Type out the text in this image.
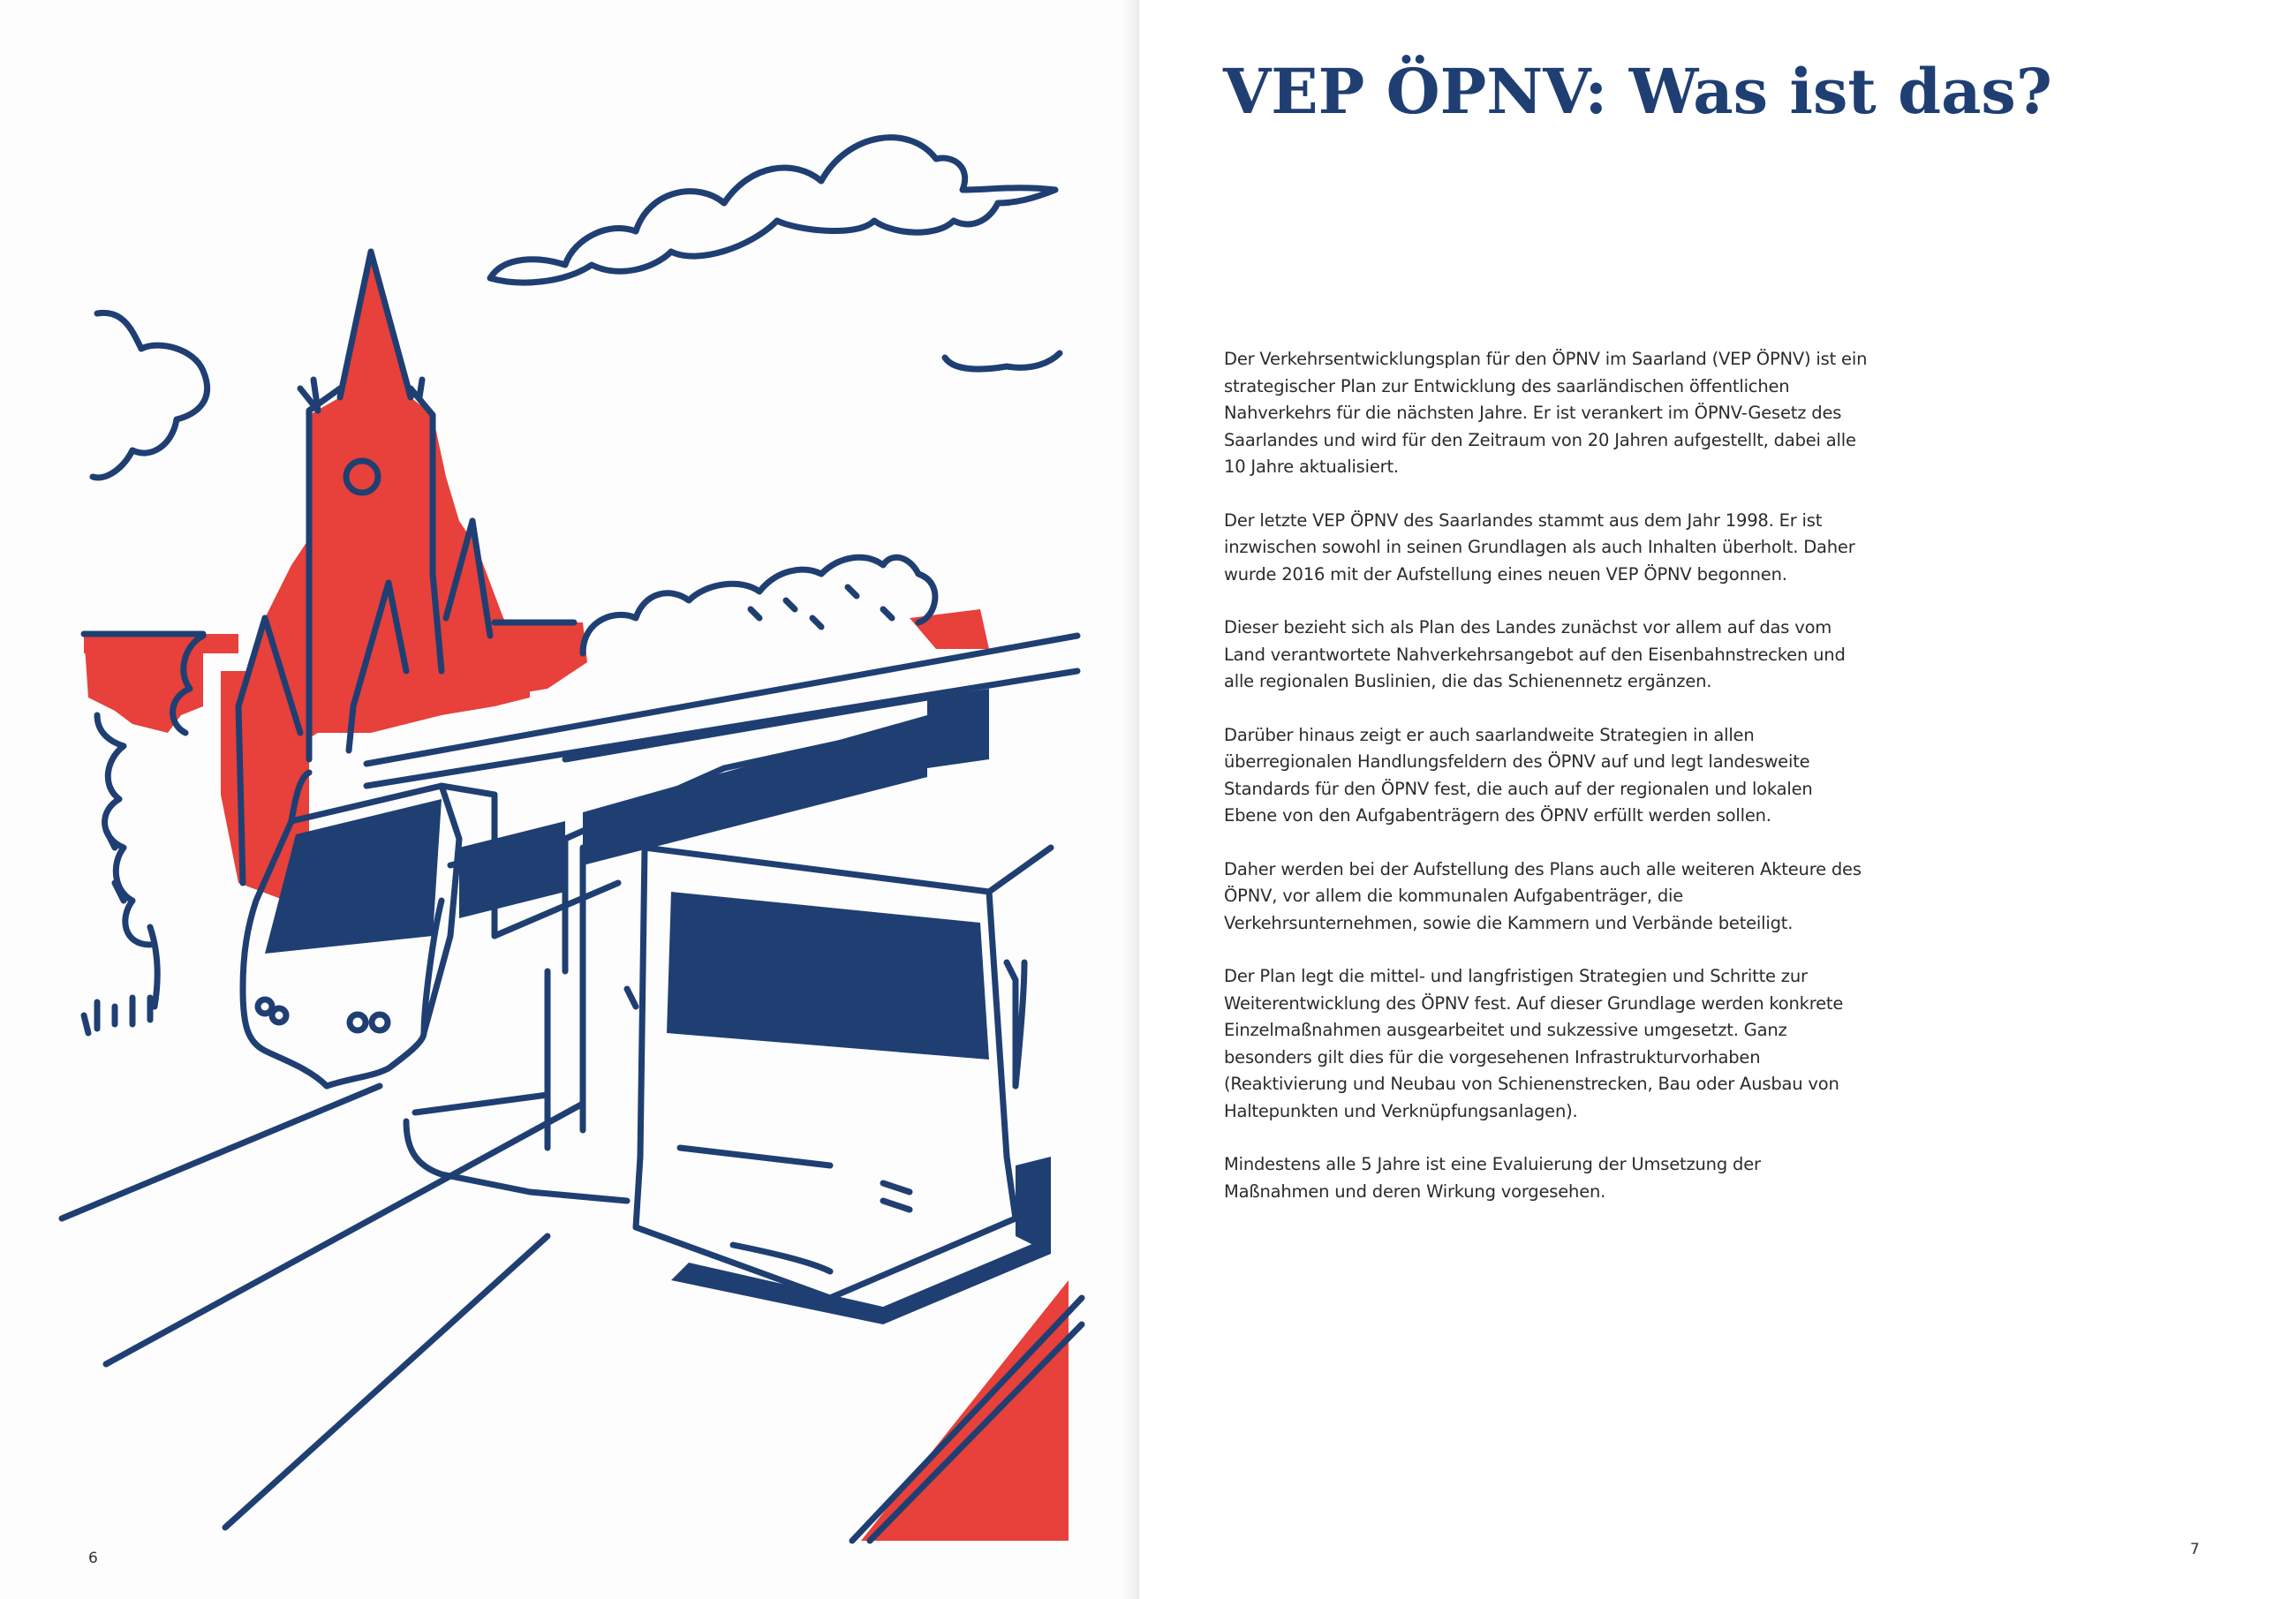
6
VEP ÖPNV: Was ist das?

Der Verkehrsentwicklungsplan für den ÖPNV im Saarland (VEP ÖPNV) ist ein strategischer Plan zur Entwicklung des saarländischen öffentlichen Nahverkehrs für die nächsten Jahre. Er ist verankert im ÖPNV-Gesetz des Saarlandes und wird für den Zeitraum von 20 Jahren aufgestellt, dabei alle 10 Jahre aktualisiert.

Der letzte VEP ÖPNV des Saarlandes stammt aus dem Jahr 1998. Er ist inzwischen sowohl in seinen Grundlagen als auch Inhalten überholt. Daher wurde 2016 mit der Aufstellung eines neuen VEP ÖPNV begonnen.

Dieser bezieht sich als Plan des Landes zunächst vor allem auf das vom Land verantwortete Nahverkehrsangebot auf den Eisenbahnstrecken und alle regionalen Buslinien, die das Schienennetz ergänzen.

Darüber hinaus zeigt er auch saarlandweite Strategien in allen überregionalen Handlungsfeldern des ÖPNV auf und legt landesweite Standards für den ÖPNV fest, die auch auf der regionalen und lokalen Ebene von den Aufgabenträgern des ÖPNV erfüllt werden sollen.

Daher werden bei der Aufstellung des Plans auch alle weiteren Akteure des ÖPNV, vor allem die kommunalen Aufgabenträger, die Verkehrsunternehmen, sowie die Kammern und Verbände beteiligt.

Der Plan legt die mittel- und langfristigen Strategien und Schritte zur Weiterentwicklung des ÖPNV fest. Auf dieser Grundlage werden konkrete Einzelmaßnahmen ausgearbeitet und sukzessive umgesetzt. Ganz besonders gilt dies für die vorgesehenen Infrastrukturvorhaben (Reaktivierung und Neubau von Schienenstrecken, Bau oder Ausbau von Haltepunkten und Verknüpfungsanlagen).

Mindestens alle 5 Jahre ist eine Evaluierung der Umsetzung der Maßnahmen und deren Wirkung vorgesehen.

7
